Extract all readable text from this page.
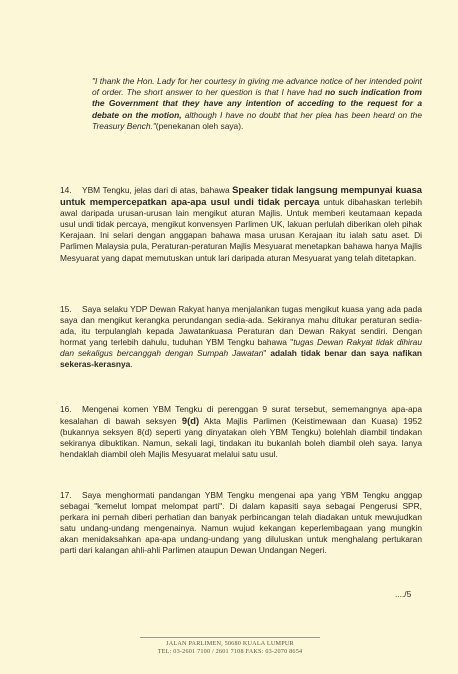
"I thank the Hon. Lady for her courtesy in giving me advance notice of her intended point of order. The short answer to her question is that I have had no such indication from the Government that they have any intention of acceding to the request for a debate on the motion, although I have no doubt that her plea has been heard on the Treasury Bench."(penekanan oleh saya).
14. YBM Tengku, jelas dari di atas, bahawa Speaker tidak langsung mempunyai kuasa untuk mempercepatkan apa-apa usul undi tidak percaya untuk dibahaskan terlebih awal daripada urusan-urusan lain mengikut aturan Majlis. Untuk memberi keutamaan kepada usul undi tidak percaya, mengikut konvensyen Parlimen UK, lakuan perlulah diberikan oleh pihak Kerajaan. Ini selari dengan anggapan bahawa masa urusan Kerajaan itu ialah satu aset. Di Parlimen Malaysia pula, Peraturan-peraturan Majlis Mesyuarat menetapkan bahawa hanya Majlis Mesyuarat yang dapat memutuskan untuk lari daripada aturan Mesyuarat yang telah ditetapkan.
15. Saya selaku YDP Dewan Rakyat hanya menjalankan tugas mengikut kuasa yang ada pada saya dan mengikut kerangka perundangan sedia-ada. Sekiranya mahu ditukar peraturan sedia-ada, itu terpulanglah kepada Jawatankuasa Peraturan dan Dewan Rakyat sendiri. Dengan hormat yang terlebih dahulu, tuduhan YBM Tengku bahawa "tugas Dewan Rakyat tidak dihirau dan sekaligus bercanggah dengan Sumpah Jawatan" adalah tidak benar dan saya nafikan sekeras-kerasnya.
16. Mengenai komen YBM Tengku di perenggan 9 surat tersebut, sememangnya apa-apa kesalahan di bawah seksyen 9(d) Akta Majlis Parlimen (Keistimewaan dan Kuasa) 1952 (bukannya seksyen 8(d) seperti yang dinyatakan oleh YBM Tengku) bolehlah diambil tindakan sekiranya dibuktikan. Namun, sekali lagi, tindakan itu bukanlah boleh diambil oleh saya. Ianya hendaklah diambil oleh Majlis Mesyuarat melalui satu usul.
17. Saya menghormati pandangan YBM Tengku mengenai apa yang YBM Tengku anggap sebagai "kemelut lompat melompat parti". Di dalam kapasiti saya sebagai Pengerusi SPR, perkara ini pernah diberi perhatian dan banyak perbincangan telah diadakan untuk mewujudkan satu undang-undang mengenainya. Namun wujud kekangan keperlembagaan yang mungkin akan menidaksahkan apa-apa undang-undang yang diluluskan untuk menghalang pertukaran parti dari kalangan ahli-ahli Parlimen ataupun Dewan Undangan Negeri.
..../5
JALAN PARLIMEN, 50680 KUALA LUMPUR
TEL: 03-2601 7100 / 2601 7108 FAKS: 03-2070 8654
